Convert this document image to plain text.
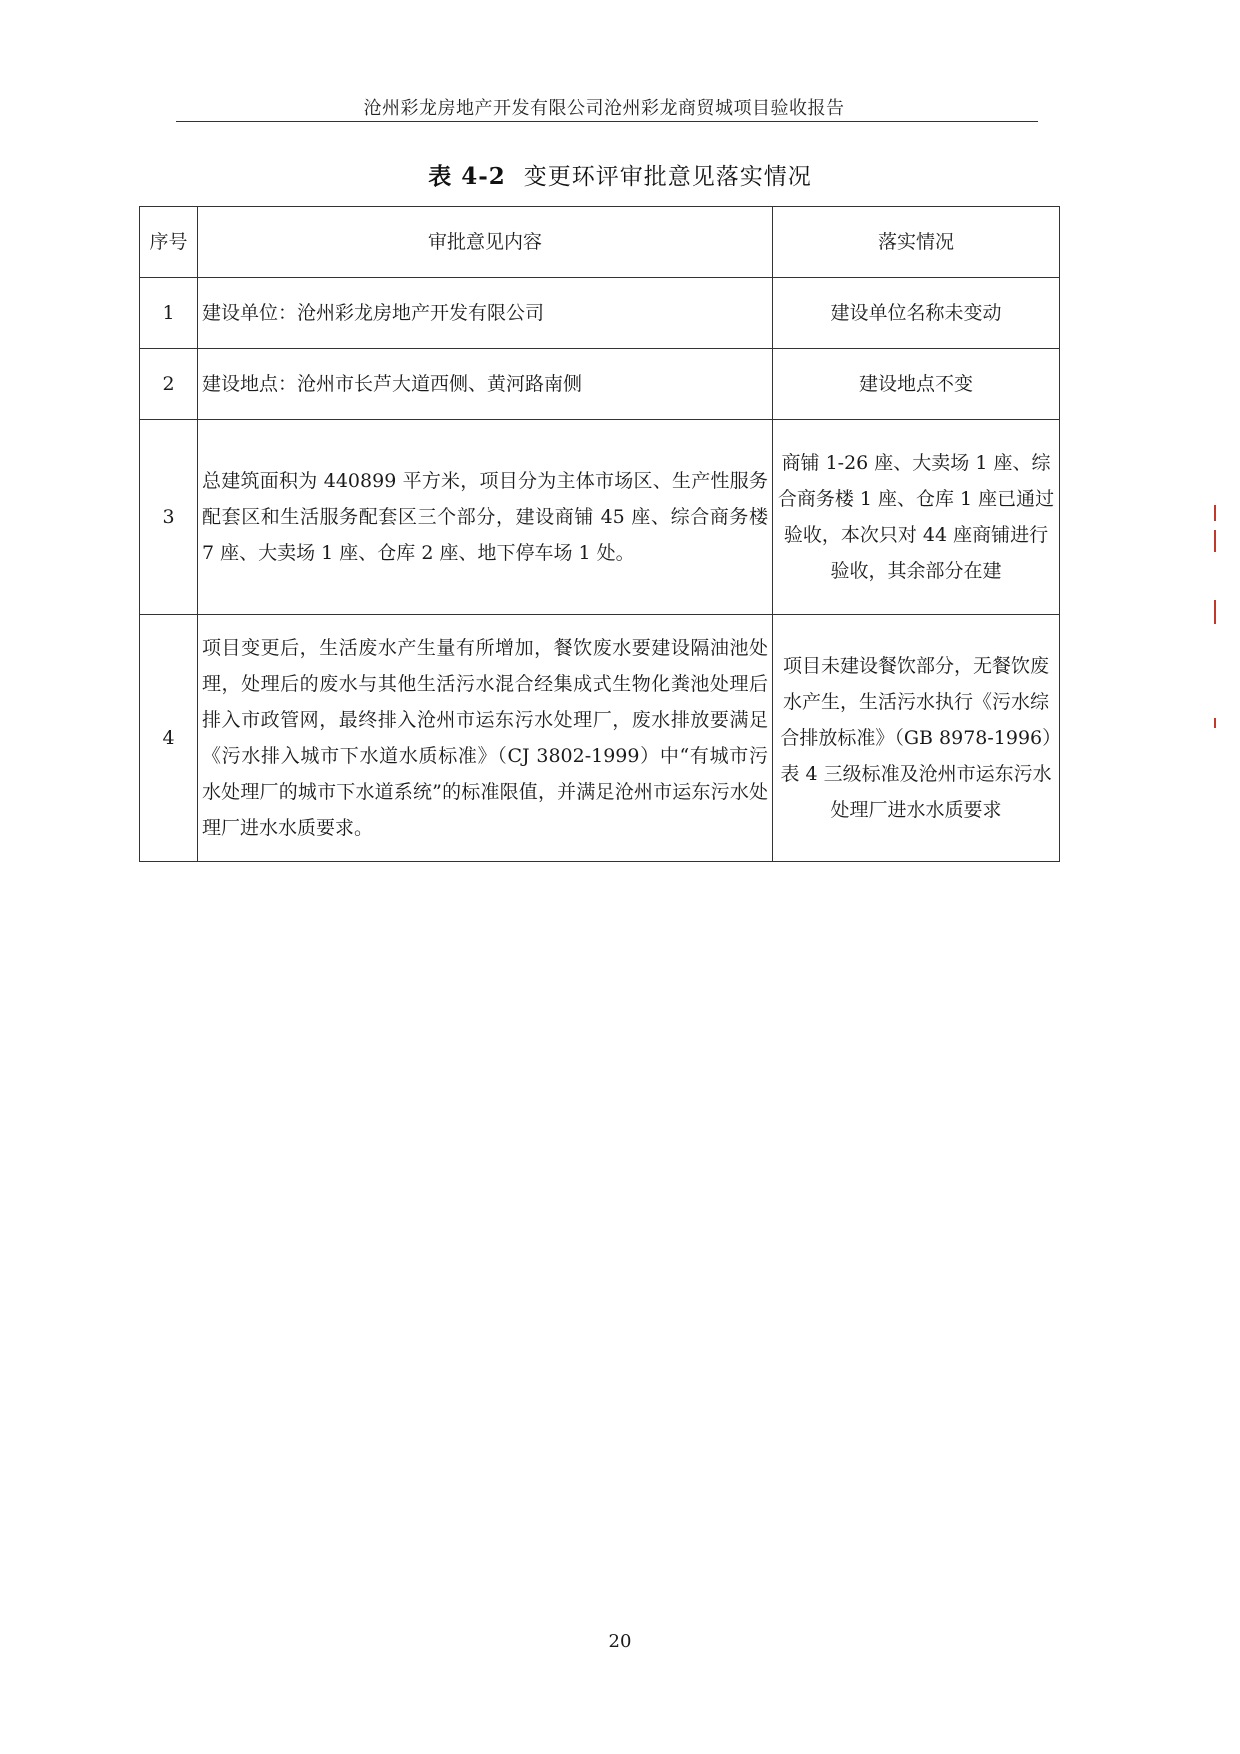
沧州彩龙房地产开发有限公司沧州彩龙商贸城项目验收报告
表 4-2 变更环评审批意见落实情况
序号	审批意见内容	落实情况
1	建设单位：沧州彩龙房地产开发有限公司	建设单位名称未变动
2	建设地点：沧州市长芦大道西侧、黄河路南侧	建设地点不变
3	总建筑面积为 440899 平方米，项目分为主体市场区、生产性服务配套区和生活服务配套区三个部分，建设商铺 45 座、综合商务楼 7 座、大卖场 1 座、仓库 2 座、地下停车场 1 处。	商铺 1-26 座、大卖场 1 座、综合商务楼 1 座、仓库 1 座已通过验收，本次只对 44 座商铺进行验收，其余部分在建
4	项目变更后，生活废水产生量有所增加，餐饮废水要建设隔油池处理，处理后的废水与其他生活污水混合经集成式生物化粪池处理后排入市政管网，最终排入沧州市运东污水处理厂，废水排放要满足《污水排入城市下水道水质标准》（CJ 3802-1999）中“有城市污水处理厂的城市下水道系统”的标准限值，并满足沧州市运东污水处理厂进水水质要求。	项目未建设餐饮部分，无餐饮废水产生，生活污水执行《污水综合排放标准》（GB 8978-1996）表 4 三级标准及沧州市运东污水处理厂进水水质要求
20
